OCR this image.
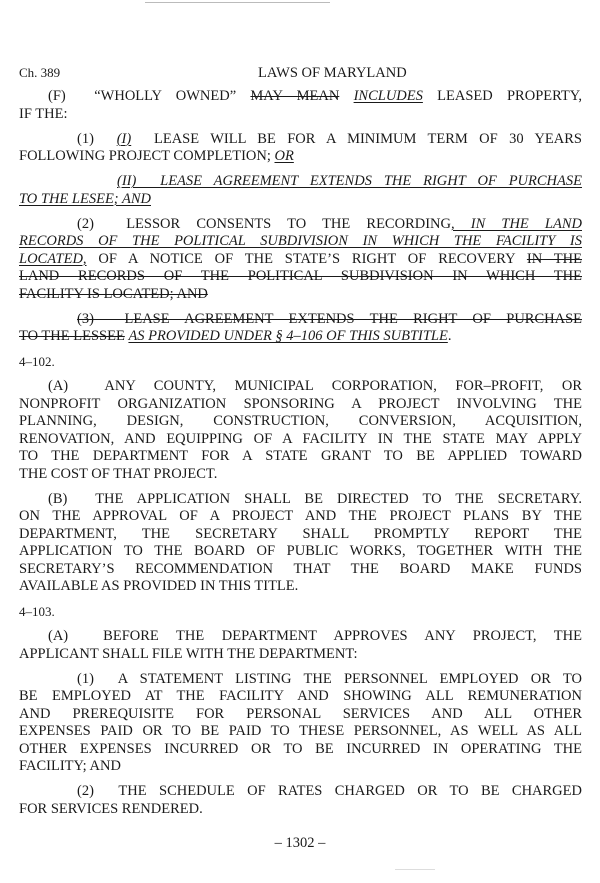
Ch. 389	LAWS OF MARYLAND
(F)  “WHOLLY OWNED” MAY MEAN INCLUDES LEASED PROPERTY,
IF THE:
(1)  (I)  LEASE WILL BE FOR A MINIMUM TERM OF 30 YEARS
FOLLOWING PROJECT COMPLETION; OR
(II)  LEASE AGREEMENT EXTENDS THE RIGHT OF PURCHASE
TO THE LESEE; AND
(2)  LESSOR CONSENTS TO THE RECORDING, IN THE LAND
RECORDS OF THE POLITICAL SUBDIVISION IN WHICH THE FACILITY IS
LOCATED, OF A NOTICE OF THE STATE’S RIGHT OF RECOVERY IN THE
LAND RECORDS OF THE POLITICAL SUBDIVISION IN WHICH THE
FACILITY IS LOCATED; AND
(3)  LEASE AGREEMENT EXTENDS THE RIGHT OF PURCHASE
TO THE LESSEE AS PROVIDED UNDER § 4–106 OF THIS SUBTITLE.
4–102.
(A)  ANY COUNTY, MUNICIPAL CORPORATION, FOR–PROFIT, OR
NONPROFIT ORGANIZATION SPONSORING A PROJECT INVOLVING THE
PLANNING, DESIGN, CONSTRUCTION, CONVERSION, ACQUISITION,
RENOVATION, AND EQUIPPING OF A FACILITY IN THE STATE MAY APPLY
TO THE DEPARTMENT FOR A STATE GRANT TO BE APPLIED TOWARD
THE COST OF THAT PROJECT.
(B)  THE APPLICATION SHALL BE DIRECTED TO THE SECRETARY.
ON THE APPROVAL OF A PROJECT AND THE PROJECT PLANS BY THE
DEPARTMENT, THE SECRETARY SHALL PROMPTLY REPORT THE
APPLICATION TO THE BOARD OF PUBLIC WORKS, TOGETHER WITH THE
SECRETARY’S RECOMMENDATION THAT THE BOARD MAKE FUNDS
AVAILABLE AS PROVIDED IN THIS TITLE.
4–103.
(A)  BEFORE THE DEPARTMENT APPROVES ANY PROJECT, THE
APPLICANT SHALL FILE WITH THE DEPARTMENT:
(1)  A STATEMENT LISTING THE PERSONNEL EMPLOYED OR TO
BE EMPLOYED AT THE FACILITY AND SHOWING ALL REMUNERATION
AND PREREQUISITE FOR PERSONAL SERVICES AND ALL OTHER
EXPENSES PAID OR TO BE PAID TO THESE PERSONNEL, AS WELL AS ALL
OTHER EXPENSES INCURRED OR TO BE INCURRED IN OPERATING THE
FACILITY; AND
(2)  THE SCHEDULE OF RATES CHARGED OR TO BE CHARGED
FOR SERVICES RENDERED.
– 1302 –
